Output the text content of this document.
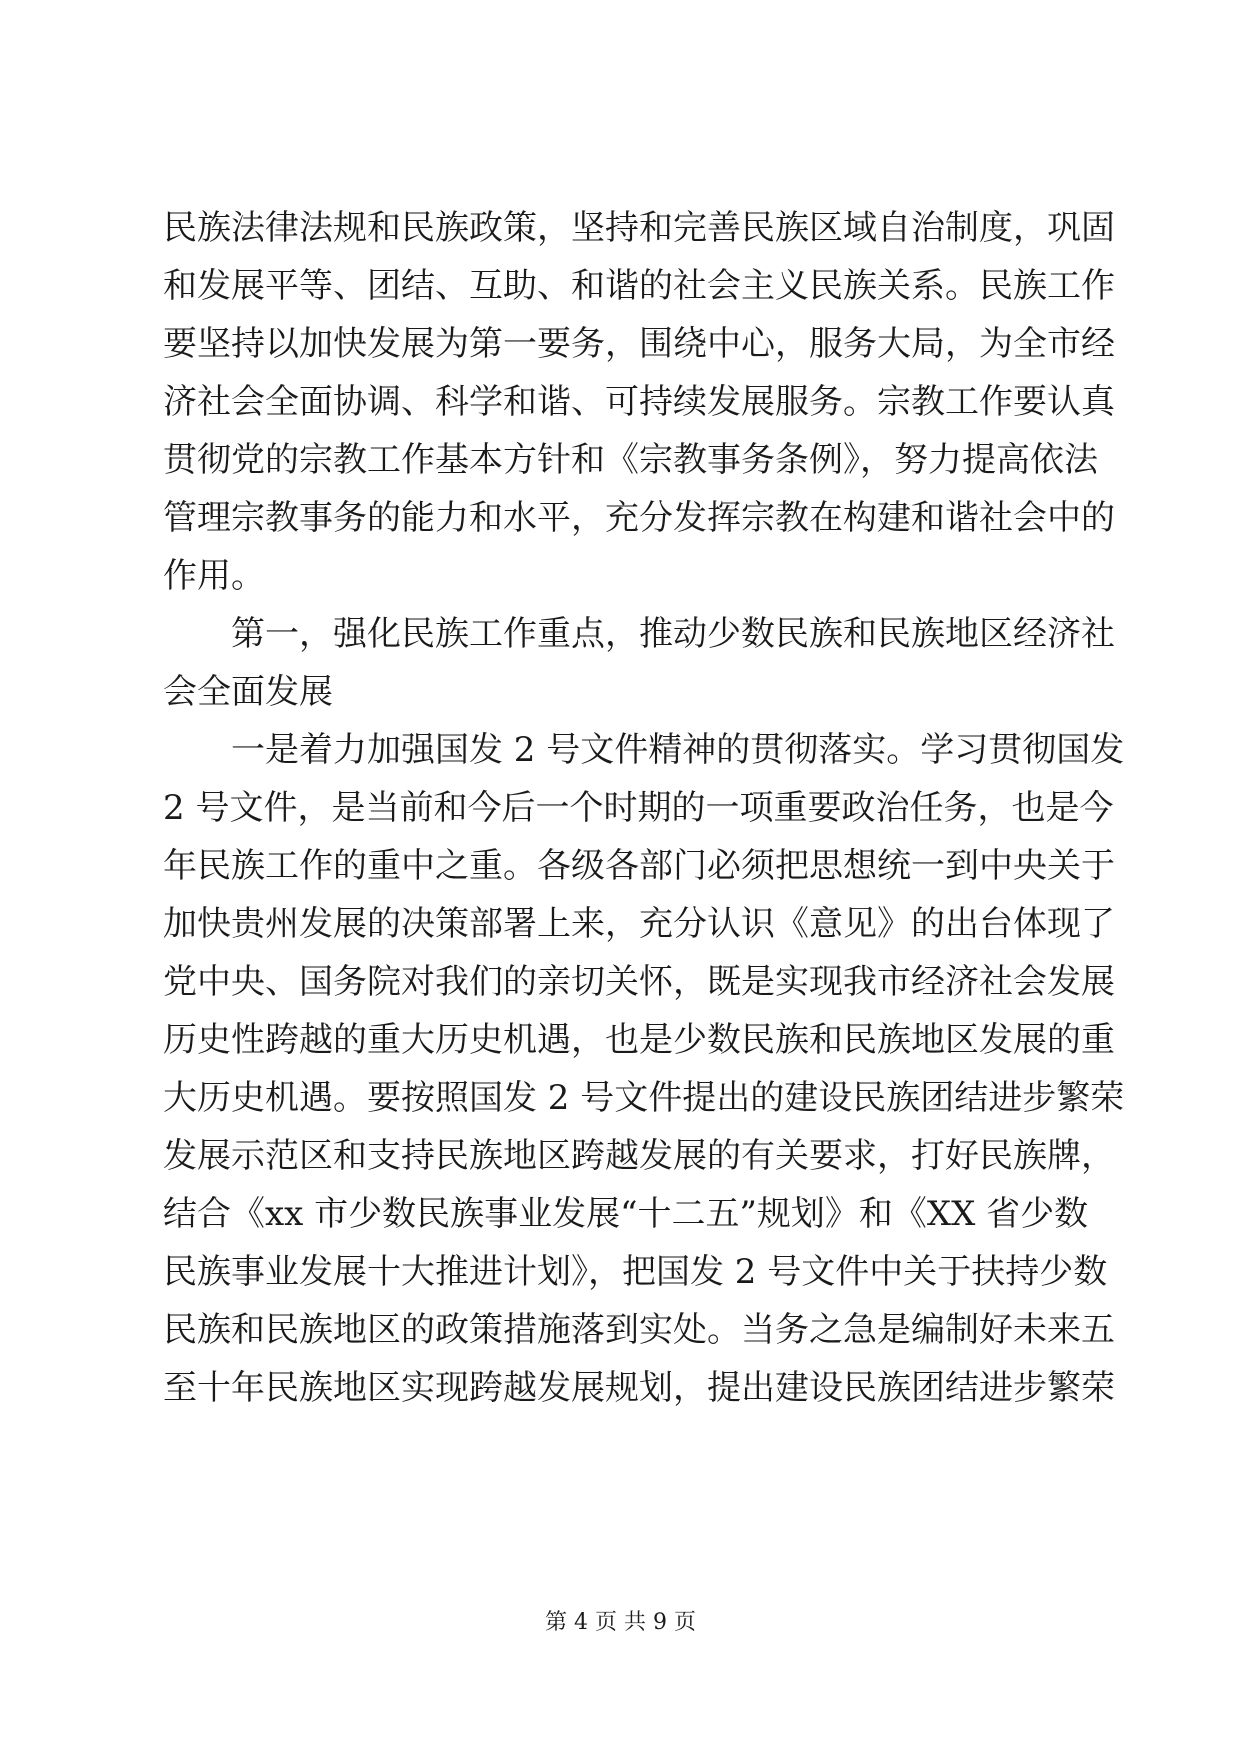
民族法律法规和民族政策，坚持和完善民族区域自治制度，巩固
和发展平等、团结、互助、和谐的社会主义民族关系。民族工作
要坚持以加快发展为第一要务，围绕中心，服务大局，为全市经
济社会全面协调、科学和谐、可持续发展服务。宗教工作要认真
贯彻党的宗教工作基本方针和《宗教事务条例》，努力提高依法
管理宗教事务的能力和水平，充分发挥宗教在构建和谐社会中的
作用。
　　第一，强化民族工作重点，推动少数民族和民族地区经济社
会全面发展
　　一是着力加强国发 2 号文件精神的贯彻落实。学习贯彻国发
2 号文件，是当前和今后一个时期的一项重要政治任务，也是今
年民族工作的重中之重。各级各部门必须把思想统一到中央关于
加快贵州发展的决策部署上来，充分认识《意见》的出台体现了
党中央、国务院对我们的亲切关怀，既是实现我市经济社会发展
历史性跨越的重大历史机遇，也是少数民族和民族地区发展的重
大历史机遇。要按照国发 2 号文件提出的建设民族团结进步繁荣
发展示范区和支持民族地区跨越发展的有关要求，打好民族牌，
结合《xx 市少数民族事业发展“十二五”规划》和《XX 省少数
民族事业发展十大推进计划》，把国发 2 号文件中关于扶持少数
民族和民族地区的政策措施落到实处。当务之急是编制好未来五
至十年民族地区实现跨越发展规划，提出建设民族团结进步繁荣
第 4 页 共 9 页
